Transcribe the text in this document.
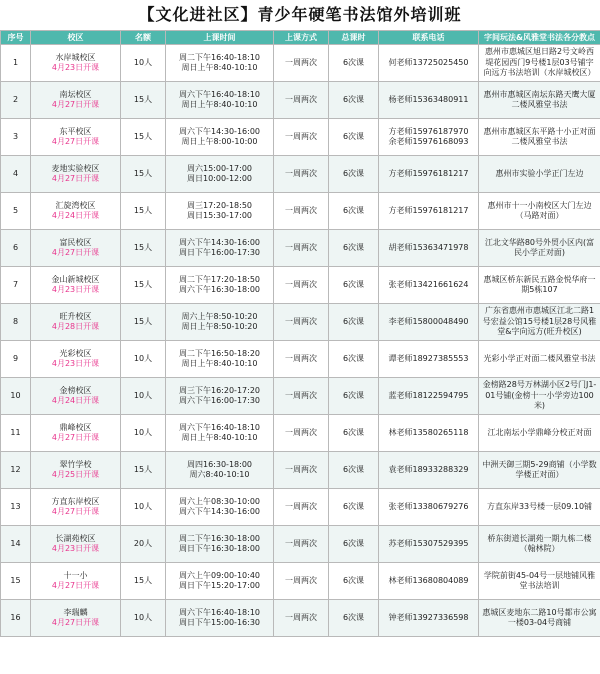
【文化进社区】青少年硬笔书法馆外培训班
序号	校区	名额	上课时间	上课方式	总课时	联系电话	字间玩法&风雅堂书法各分教点
1	水岸城校区
4月23日开课	10人	周二下午16:40-18:10
周日上午8:40-10:10	一周两次	6次课	何老师13725025450	惠州市惠城区旭日路2号文岭西堤花园西门9号楼1层03号铺字向远方书法培训（水岸城校区）
2	南坛校区
4月27日开课	15人	周六下午16:40-18:10
周日上午8:40-10:10	一周两次	6次课	杨老师15363480911	惠州市惠城区南坛东路天鹰大厦二楼风雅堂书法
3	东平校区
4月27日开课	15人	周六下午14:30-16:00
周日上午8:00-10:00	一周两次	6次课	方老师15976187970
余老师15976168093	惠州市惠城区东平路十小正对面二楼风雅堂书法
4	麦地实验校区
4月27日开课	15人	周六15:00-17:00
周日10:00-12:00	一周两次	6次课	方老师15976181217	惠州市实验小学正门左边
5	汇旋湾校区
4月24日开课	15人	周三17:20-18:50
周日15:30-17:00	一周两次	6次课	方老师15976181217	惠州市十一小南校区大门左边（马路对面）
6	富民校区
4月27日开课	15人	周六下午14:30-16:00
周日下午16:00-17:30	一周两次	6次课	胡老师15363471978	江北文华路80号外贸小区内(富民小学正对面)
7	金山新城校区
4月23日开课	15人	周二下午17:20-18:50
周六下午16:30-18:00	一周两次	6次课	张老师13421661624	惠城区桥东新民五路金悦华府一期5栋107
8	旺升校区
4月28日开课	15人	周六上午8:50-10:20
周日上午8:50-10:20	一周两次	6次课	李老师15800048490	广东省惠州市惠城区江北二路1号宏益公馆15号楼1层28号风雅堂&字向远方(旺升校区)
9	光彩校区
4月23日开课	10人	周二下午16:50-18:20
周日上午8:40-10:10	一周两次	6次课	谭老师18927385553	光彩小学正对面二楼风雅堂书法
10	金榜校区
4月24日开课	10人	周三下午16:20-17:20
周六下午16:00-17:30	一周两次	6次课	蓝老师18122594795	金榜路28号万林湖小区2号门J1-01号铺(金榜十一小学旁边100米)
11	鼎峰校区
4月27日开课	10人	周六下午16:40-18:10
周日上午8:40-10:10	一周两次	6次课	林老师13580265118	江北南坛小学鼎峰分校正对面
12	翠竹学校
4月25日开课	15人	周四16:30-18:00
周六8:40-10:10	一周两次	6次课	袁老师18933288329	中洲天御三期5-29商铺（小学数学楼正对面）
13	方直东岸校区
4月27日开课	10人	周六上午08:30-10:00
周六下午14:30-16:00	一周两次	6次课	张老师13380679276	方直东岸33号楼一层09.10铺
14	长湖苑校区
4月23日开课	20人	周二下午16:30-18:00
周日下午16:30-18:00	一周两次	6次课	苏老师15307529395	桥东街道长湖苑一期九栋二楼（翰林院）
15	十一小
4月27日开课	15人	周六上午09:00-10:40
周日下午15:20-17:00	一周两次	6次课	林老师13680804089	学院前街45-04号一层地铺风雅堂书法培训
16	李瑞麟
4月27日开课	10人	周六下午16:40-18:10
周日下午15:00-16:30	一周两次	6次课	钟老师13927336598	惠城区麦地东二路10号都市公寓一楼03-04号商铺
